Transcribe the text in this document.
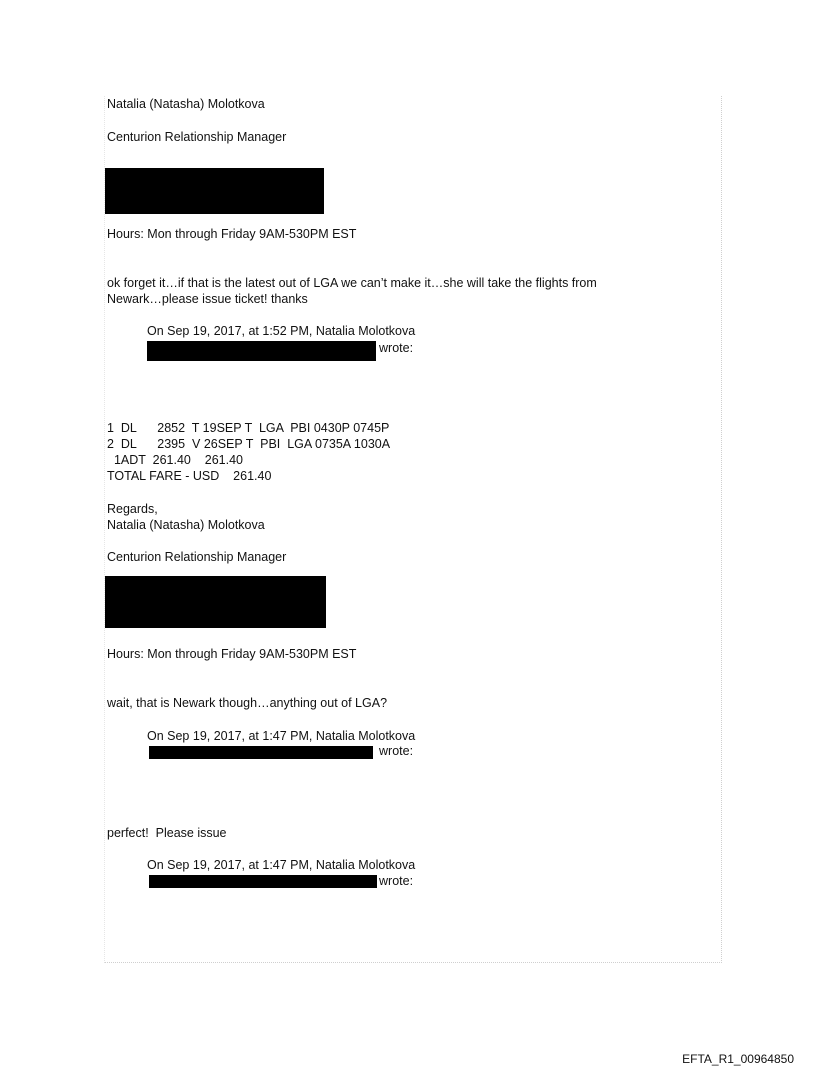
Natalia (Natasha) Molotkova
Centurion Relationship Manager
Hours: Mon through Friday 9AM-530PM EST
ok forget it…if that is the latest out of LGA we can’t make it…she will take the flights from
Newark…please issue ticket! thanks
On Sep 19, 2017, at 1:52 PM, Natalia Molotkova
wrote:
1  DL      2852  T 19SEP T  LGA  PBI 0430P 0745P
2  DL      2395  V 26SEP T  PBI  LGA 0735A 1030A
1ADT  261.40    261.40
TOTAL FARE - USD    261.40
Regards,
Natalia (Natasha) Molotkova
Centurion Relationship Manager
Hours: Mon through Friday 9AM-530PM EST
wait, that is Newark though…anything out of LGA?
On Sep 19, 2017, at 1:47 PM, Natalia Molotkova
wrote:
perfect!  Please issue
On Sep 19, 2017, at 1:47 PM, Natalia Molotkova
wrote:
EFTA_R1_00964850
